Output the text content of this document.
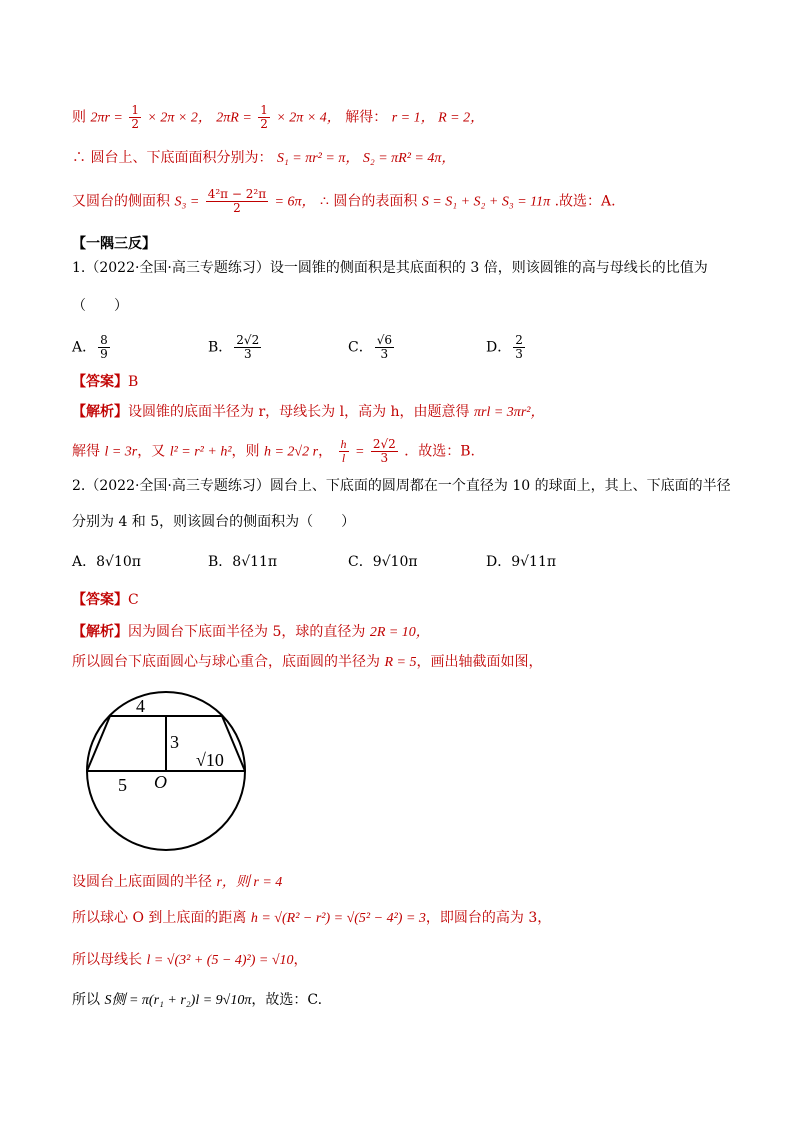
则 $2\pi r = \frac{1}{2} \times 2\pi \times 2$， $2\pi R = \frac{1}{2} \times 2\pi \times 4$， 解得： r = 1， R = 2，
∴ 圆台上、下底面面积分别为： S₁ = πr² = π， S₂ = πR² = 4π，
又圆台的侧面积 $S_3 = \frac{\text{4²π − 2²π}}{2} = 6\pi$， ∴ 圆台的表面积 S = S₁ + S₂ + S₃ = 11π .故选：A.
【一隅三反】
1.（2022·全国·高三专题练习）设一圆锥的侧面积是其底面积的 3 倍，则该圆锥的高与母线长的比值为
（　　）
A． $\frac{8}{9}$	B． $\frac{2√2}{3}$	C． $\frac{√6}{3}$	D． $\frac{2}{3}$
【答案】B
【解析】设圆锥的底面半径为 r，母线长为 l，高为 h，由题意得 πrl = 3πr²，
解得 l = 3r，又 l² = r² + h²，则 h = 2√2 r， $\frac{h}{l} = \frac{2√2}{3}$ ．故选：B.
2.（2022·全国·高三专题练习）圆台上、下底面的圆周都在一个直径为 10 的球面上，其上、下底面的半径
分别为 4 和 5，则该圆台的侧面积为（　　）
A．8√10π	B．8√11π	C．9√10π	D．9√11π
【答案】C
【解析】因为圆台下底面半径为 5，球的直径为 2R = 10，
所以圆台下底面圆心与球心重合，底面圆的半径为 R = 5，画出轴截面如图，
4
3
√10
5 O
设圆台上底面圆的半径 r，则 r = 4
所以球心 O 到上底面的距离 h = √(R² − r²) = √(5² − 4²) = 3，即圆台的高为 3，
所以母线长 l = √(3² + (5 − 4)²) = √10，
所以 S侧 = π(r₁ + r₂)l = 9√10π，故选：C.
